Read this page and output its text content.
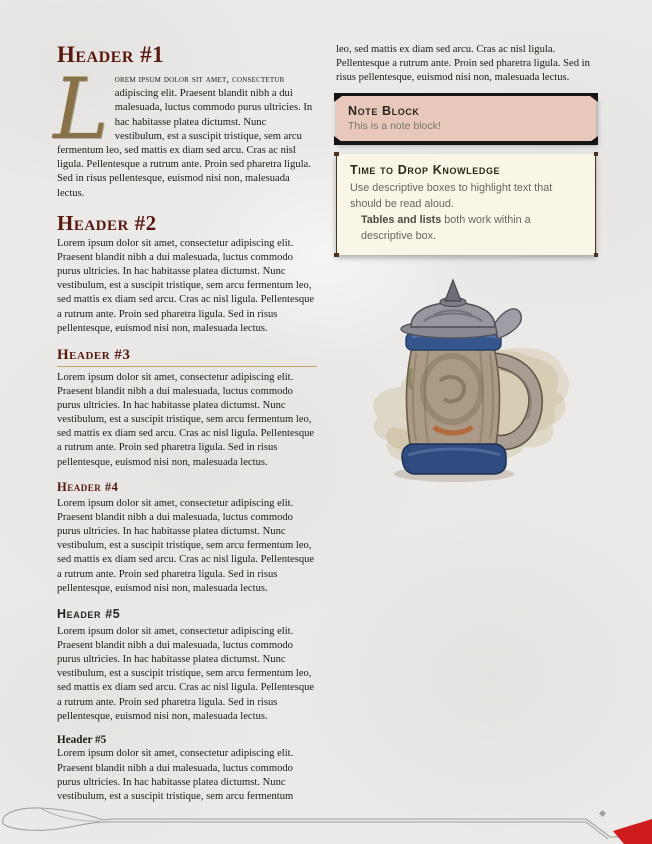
Header #1

Lorem ipsum dolor sit amet, consectetur adipiscing elit. Praesent blandit nibh a dui malesuada, luctus commodo purus ultricies. In hac habitasse platea dictumst. Nunc vestibulum, est a suscipit tristique, sem arcu fermentum leo, sed mattis ex diam sed arcu. Cras ac nisl ligula. Pellentesque a rutrum ante. Proin sed pharetra ligula. Sed in risus pellentesque, euismod nisi non, malesuada lectus.

Header #2

Lorem ipsum dolor sit amet, consectetur adipiscing elit. Praesent blandit nibh a dui malesuada, luctus commodo purus ultricies. In hac habitasse platea dictumst. Nunc vestibulum, est a suscipit tristique, sem arcu fermentum leo, sed mattis ex diam sed arcu. Cras ac nisl ligula. Pellentesque a rutrum ante. Proin sed pharetra ligula. Sed in risus pellentesque, euismod nisi non, malesuada lectus.

Header #3

Lorem ipsum dolor sit amet, consectetur adipiscing elit. Praesent blandit nibh a dui malesuada, luctus commodo purus ultricies. In hac habitasse platea dictumst. Nunc vestibulum, est a suscipit tristique, sem arcu fermentum leo, sed mattis ex diam sed arcu. Cras ac nisl ligula. Pellentesque a rutrum ante. Proin sed pharetra ligula. Sed in risus pellentesque, euismod nisi non, malesuada lectus.

Header #4

Lorem ipsum dolor sit amet, consectetur adipiscing elit. Praesent blandit nibh a dui malesuada, luctus commodo purus ultricies. In hac habitasse platea dictumst. Nunc vestibulum, est a suscipit tristique, sem arcu fermentum leo, sed mattis ex diam sed arcu. Cras ac nisl ligula. Pellentesque a rutrum ante. Proin sed pharetra ligula. Sed in risus pellentesque, euismod nisi non, malesuada lectus.

Header #5

Lorem ipsum dolor sit amet, consectetur adipiscing elit. Praesent blandit nibh a dui malesuada, luctus commodo purus ultricies. In hac habitasse platea dictumst. Nunc vestibulum, est a suscipit tristique, sem arcu fermentum leo, sed mattis ex diam sed arcu. Cras ac nisl ligula. Pellentesque a rutrum ante. Proin sed pharetra ligula. Sed in risus pellentesque, euismod nisi non, malesuada lectus.

Header #5

Lorem ipsum dolor sit amet, consectetur adipiscing elit. Praesent blandit nibh a dui malesuada, luctus commodo purus ultricies. In hac habitasse platea dictumst. Nunc vestibulum, est a suscipit tristique, sem arcu fermentum

leo, sed mattis ex diam sed arcu. Cras ac nisl ligula. Pellentesque a rutrum ante. Proin sed pharetra ligula. Sed in risus pellentesque, euismod nisi non, malesuada lectus.

Note Block

This is a note block!

Time to Drop Knowledge

Use descriptive boxes to highlight text that should be read aloud.

Tables and lists both work within a descriptive box.
